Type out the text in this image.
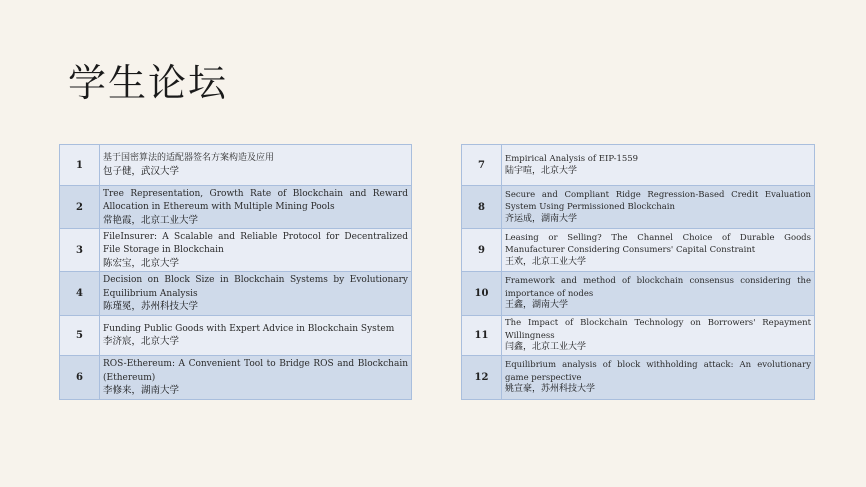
学生论坛
1	基于国密算法的适配器签名方案构造及应用
包子健，武汉大学

2	Tree Representation, Growth Rate of Blockchain and Reward Allocation in Ethereum with Multiple Mining Pools
常艳霞，北京工业大学

3	FileInsurer: A Scalable and Reliable Protocol for Decentralized File Storage in Blockchain
陈宏宝，北京大学

4	Decision on Block Size in Blockchain Systems by Evolutionary Equilibrium Analysis
陈瑾冕，苏州科技大学

5	Funding Public Goods with Expert Advice in Blockchain System
李济宸，北京大学

6	ROS-Ethereum: A Convenient Tool to Bridge ROS and Blockchain (Ethereum)
李修来，湖南大学
7	Empirical Analysis of EIP-1559
陆宇喧，北京大学

8	Secure and Compliant Ridge Regression-Based Credit Evaluation System Using Permissioned Blockchain
齐运成，湖南大学

9	Leasing or Selling? The Channel Choice of Durable Goods Manufacturer Considering Consumers' Capital Constraint
王欢，北京工业大学

10	Framework and method of blockchain consensus considering the importance of nodes
王鑫，湖南大学

11	The Impact of Blockchain Technology on Borrowers' Repayment Willingness
闫鑫，北京工业大学

12	Equilibrium analysis of block withholding attack: An evolutionary game perspective
姚宣豪，苏州科技大学
